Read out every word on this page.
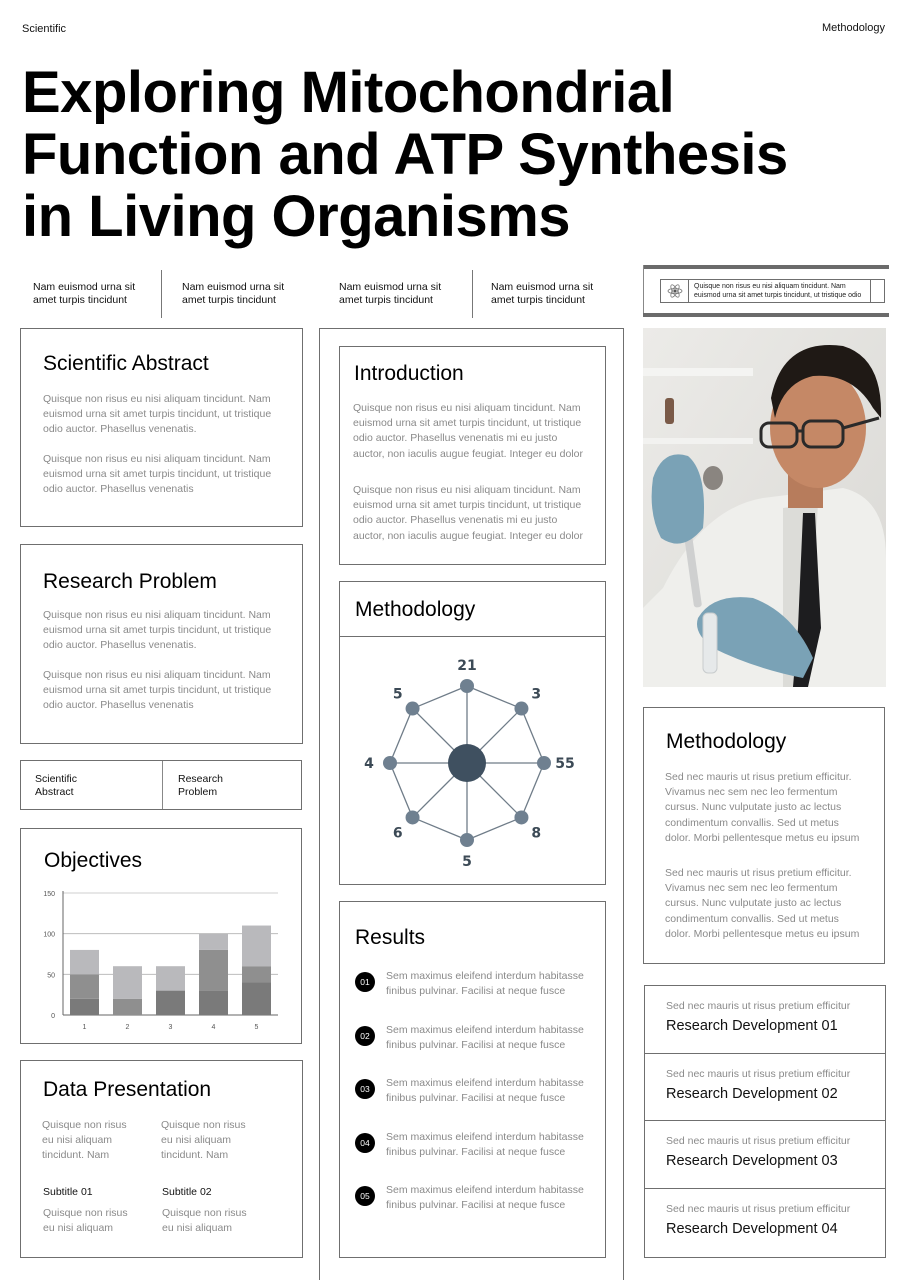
Scientific	Methodology
Exploring Mitochondrial
Function and ATP Synthesis
in Living Organisms
Nam euismod urna sit
amet turpis tincidunt
Nam euismod urna sit
amet turpis tincidunt
Nam euismod urna sit
amet turpis tincidunt
Nam euismod urna sit
amet turpis tincidunt
Quisque non risus eu nisi aliquam tincidunt. Nam
euismod urna sit amet turpis tincidunt, ut tristique odio
Scientific Abstract
Quisque non risus eu nisi aliquam tincidunt. Nam
euismod urna sit amet turpis tincidunt, ut tristique
odio auctor. Phasellus venenatis.
Quisque non risus eu nisi aliquam tincidunt. Nam
euismod urna sit amet turpis tincidunt, ut tristique
odio auctor. Phasellus venenatis
Research Problem
Quisque non risus eu nisi aliquam tincidunt. Nam
euismod urna sit amet turpis tincidunt, ut tristique
odio auctor. Phasellus venenatis.
Quisque non risus eu nisi aliquam tincidunt. Nam
euismod urna sit amet turpis tincidunt, ut tristique
odio auctor. Phasellus venenatis
Scientific
Abstract
Research
Problem
Objectives
0
50
100
150
1	2	3	4	5
Data Presentation
Quisque non risus
eu nisi aliquam
tincidunt. Nam
Quisque non risus
eu nisi aliquam
tincidunt. Nam
Subtitle 01	Subtitle 02
Quisque non risus
eu nisi aliquam
Quisque non risus
eu nisi aliquam
Introduction
Quisque non risus eu nisi aliquam tincidunt. Nam
euismod urna sit amet turpis tincidunt, ut tristique
odio auctor. Phasellus venenatis mi eu justo
auctor, non iaculis augue feugiat. Integer eu dolor
Quisque non risus eu nisi aliquam tincidunt. Nam
euismod urna sit amet turpis tincidunt, ut tristique
odio auctor. Phasellus venenatis mi eu justo
auctor, non iaculis augue feugiat. Integer eu dolor
Methodology
21
3
55
8
5
6
4
5
Results
01	Sem maximus eleifend interdum habitasse
finibus pulvinar. Facilisi at neque fusce
02	Sem maximus eleifend interdum habitasse
finibus pulvinar. Facilisi at neque fusce
03	Sem maximus eleifend interdum habitasse
finibus pulvinar. Facilisi at neque fusce
04	Sem maximus eleifend interdum habitasse
finibus pulvinar. Facilisi at neque fusce
05	Sem maximus eleifend interdum habitasse
finibus pulvinar. Facilisi at neque fusce
Methodology
Sed nec mauris ut risus pretium efficitur.
Vivamus nec sem nec leo fermentum
cursus. Nunc vulputate justo ac lectus
condimentum convallis. Sed ut metus
dolor. Morbi pellentesque metus eu ipsum
Sed nec mauris ut risus pretium efficitur.
Vivamus nec sem nec leo fermentum
cursus. Nunc vulputate justo ac lectus
condimentum convallis. Sed ut metus
dolor. Morbi pellentesque metus eu ipsum
Sed nec mauris ut risus pretium efficitur
Research Development 01
Sed nec mauris ut risus pretium efficitur
Research Development 02
Sed nec mauris ut risus pretium efficitur
Research Development 03
Sed nec mauris ut risus pretium efficitur
Research Development 04
